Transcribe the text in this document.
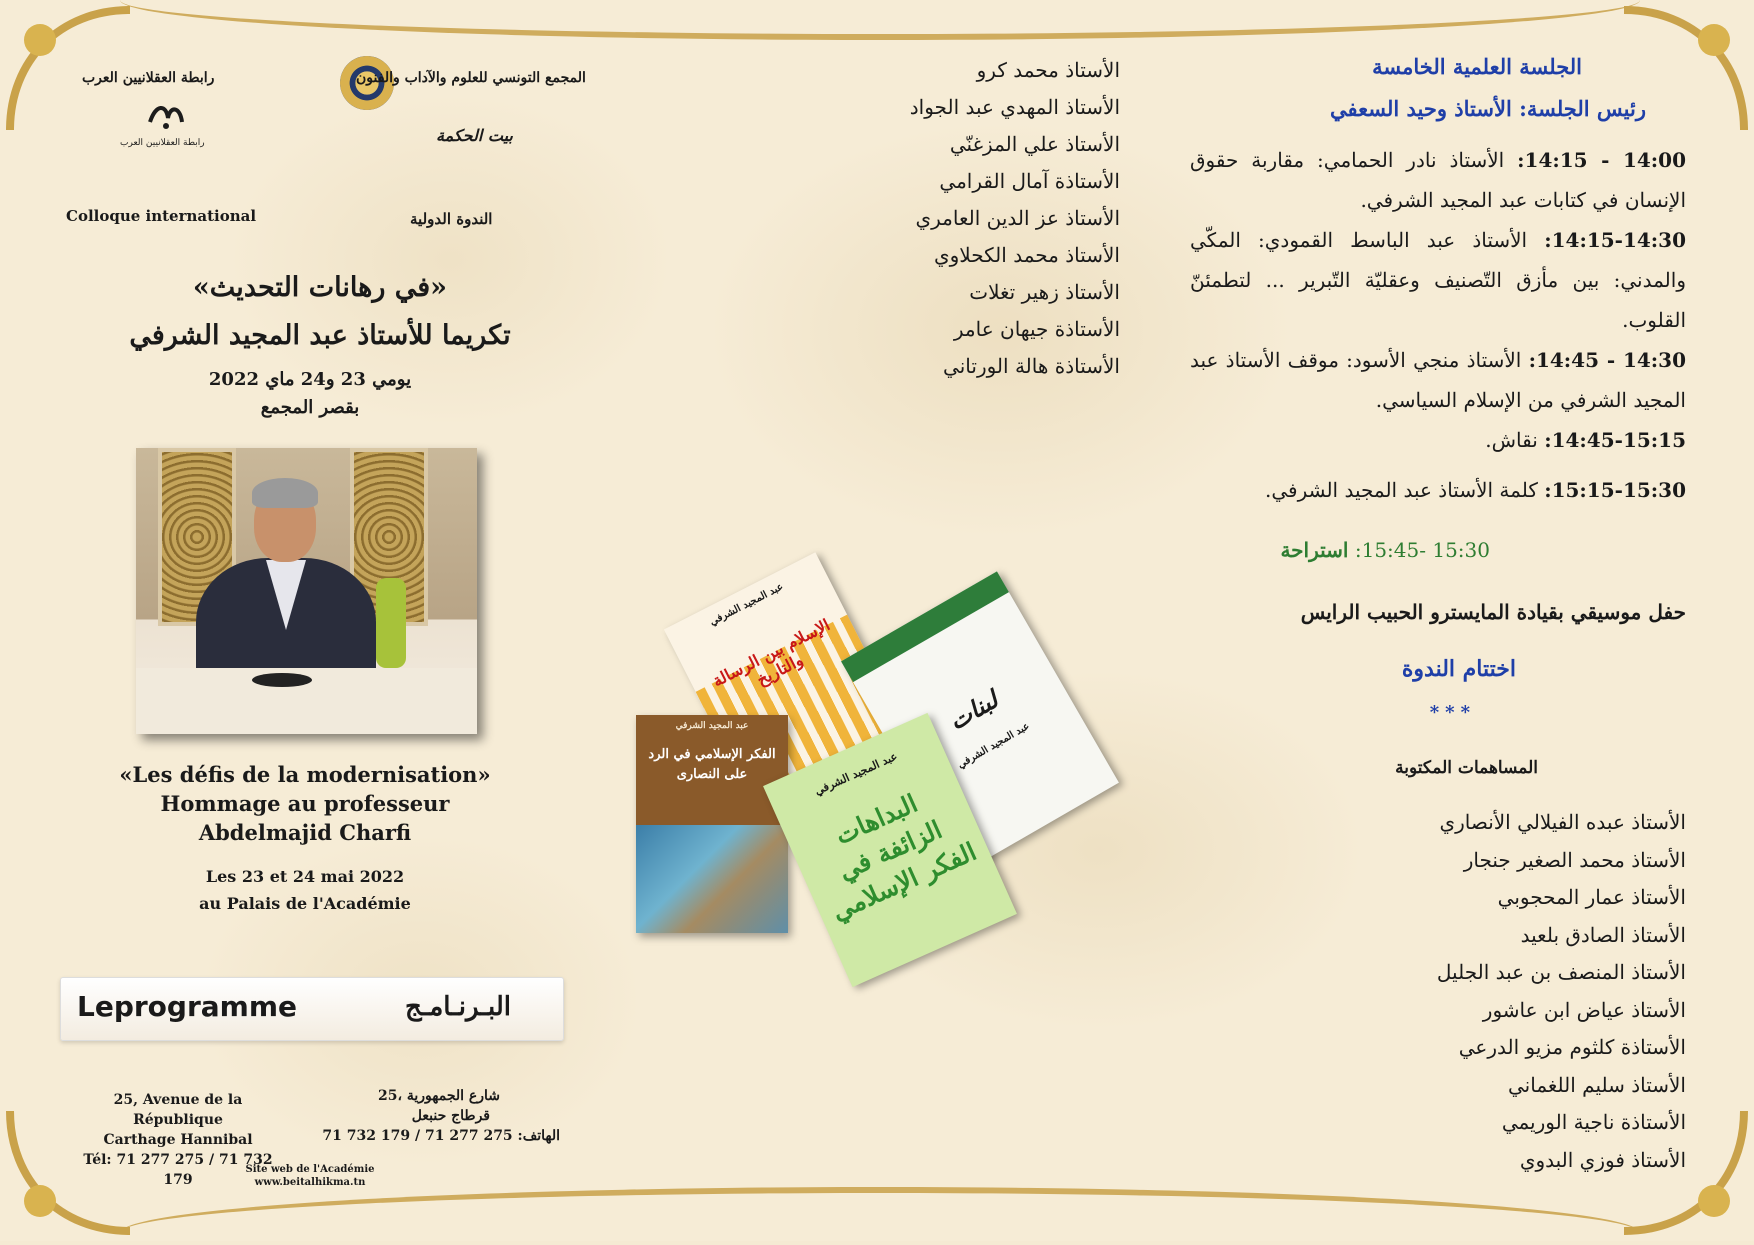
رابطة العقلانيين العرب
رابطة العقلانيين العرب
المجمع التونسي للعلوم والآداب والفنون
بيت الحكمة
Colloque international	الندوة الدولية
«في رهانات التحديث»
تكريما للأستاذ عبد المجيد الشرفي
يومي 23 و24 ماي 2022
بقصر المجمع
«Les défis de la modernisation»
Hommage au professeur
Abdelmajid Charfi
Les 23 et 24 mai 2022
au Palais de l'Académie
Leprogramme	البـرنـامـج
25, Avenue de la République
Carthage Hannibal
Tél: 71 277 275 / 71 732 179
25، شارع الجمهورية
قرطاج حنبعل
الهاتف: 275 277 71 / 179 732 71
Site web de l'Académie
www.beitalhikma.tn
الأستاذ محمد كرو
الأستاذ المهدي عبد الجواد
الأستاذ علي المزغنّي
الأستاذة آمال القرامي
الأستاذ عز الدين العامري
الأستاذ محمد الكحلاوي
الأستاذ زهير تغلات
الأستاذة جيهان عامر
الأستاذة هالة الورتاني
الإسلام بين الرسالة والتاريخ
عبد المجيد الشرفي
لبنات
عبد المجيد الشرفي
عبد المجيد الشرفي
الفكر الإسلامي في الرد على النصارى
البداهات الزائفة في الفكر الإسلامي
عبد المجيد الشرفي
الجلسة العلمية الخامسة
رئيس الجلسة: الأستاذ وحيد السعفي
14:00 - 14:15: الأستاذ نادر الحمامي: مقاربة حقوق الإنسان في كتابات عبد المجيد الشرفي.
14:15-14:30: الأستاذ عبد الباسط القمودي: المكّي والمدني: بين مأزق التّصنيف وعقليّة التّبرير ... لتطمئنّ القلوب.
14:30 - 14:45: الأستاذ منجي الأسود: موقف الأستاذ عبد المجيد الشرفي من الإسلام السياسي.
14:45-15:15: نقاش.
15:15-15:30: كلمة الأستاذ عبد المجيد الشرفي.
15:30 -15:45: استراحة
حفل موسيقي بقيادة المايسترو الحبيب الرايس
اختتام الندوة
***
المساهمات المكتوبة
الأستاذ عبده الفيلالي الأنصاري
الأستاذ محمد الصغير جنجار
الأستاذ عمار المحجوبي
الأستاذ الصادق بلعيد
الأستاذ المنصف بن عبد الجليل
الأستاذ عياض ابن عاشور
الأستاذة كلثوم مزيو الدرعي
الأستاذ سليم اللغماني
الأستاذة ناجية الوريمي
الأستاذ فوزي البدوي
